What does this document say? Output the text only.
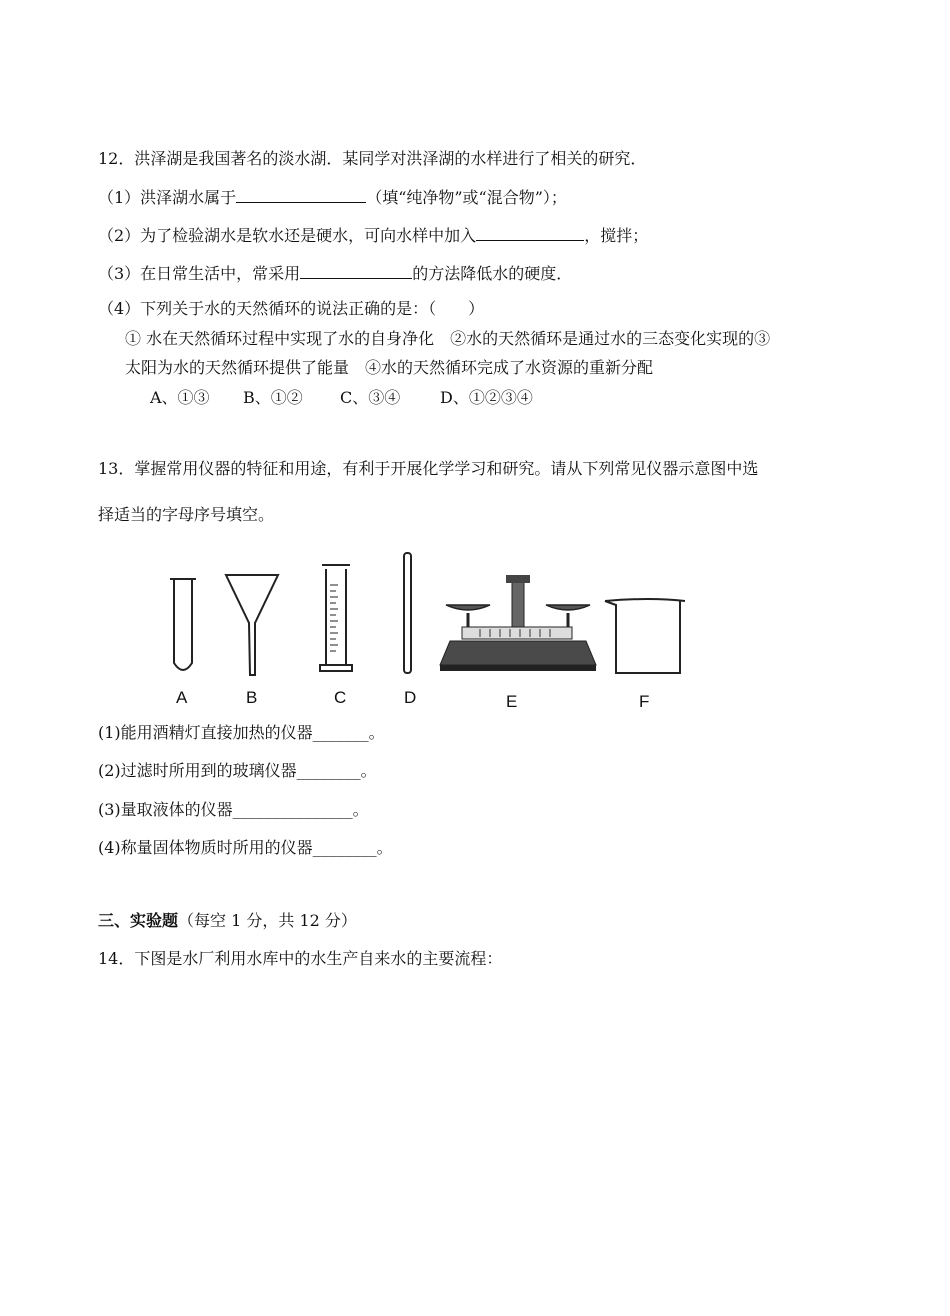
12．洪泽湖是我国著名的淡水湖．某同学对洪泽湖的水样进行了相关的研究．
（1）洪泽湖水属于	（填“纯净物”或“混合物”）；
（2）为了检验湖水是软水还是硬水，可向水样中加入	，搅拌；
（3）在日常生活中，常采用	的方法降低水的硬度．
（4）下列关于水的天然循环的说法正确的是：（　　）
① 水在天然循环过程中实现了水的自身净化　②水的天然循环是通过水的三态变化实现的③
太阳为水的天然循环提供了能量　④水的天然循环完成了水资源的重新分配
A、①③ B、①② C、③④ D、①②③④
13．掌握常用仪器的特征和用途，有利于开展化学学习和研究。请从下列常见仪器示意图中选
择适当的字母序号填空。
A	B	C	D	E	F
(1)能用酒精灯直接加热的仪器_______。
(2)过滤时所用到的玻璃仪器________。
(3)量取液体的仪器_______________。
(4)称量固体物质时所用的仪器________。
三、实验题（每空 1 分，共 12 分）
14．下图是水厂利用水库中的水生产自来水的主要流程：
